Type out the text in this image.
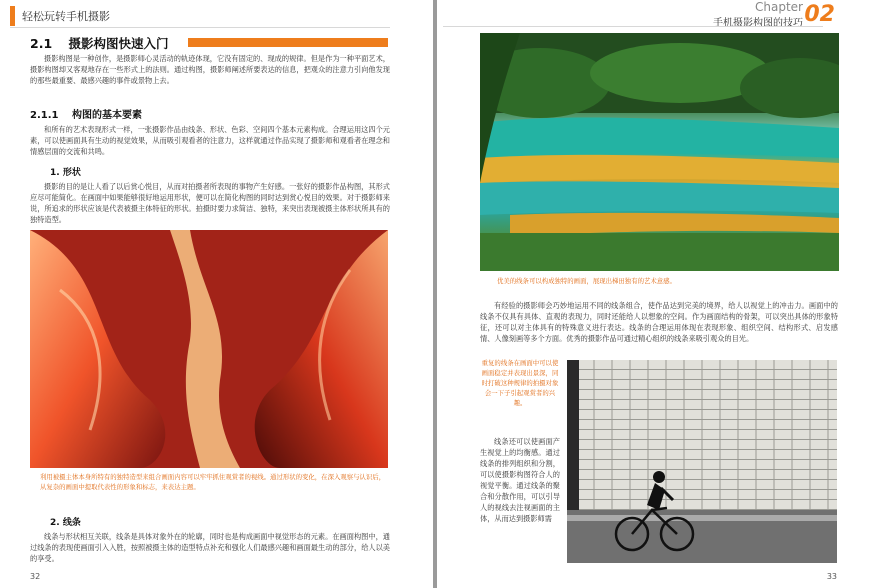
轻松玩转手机摄影
2.1 摄影构图快速入门

摄影构图是一种创作，是摄影师心灵活动的轨迹体现，它没有固定的、现成的规律。但是作为一种平面艺术，摄影构图却又客观地存在一些形式上的法则。通过构图，摄影师阐述所要表达的信息，把观众的注意力引向他发现的那些最重要、最感兴趣的事件或景物上去。

2.1.1 构图的基本要素

和所有的艺术表现形式一样，一张摄影作品由线条、形状、色彩、空间四个基本元素构成。合理运用这四个元素，可以使画面具有生动的视觉效果，从而吸引观看者的注意力，这样就通过作品实现了摄影师和观看者在理念和情感层面的交流和共鸣。

1. 形状

摄影的目的是让人看了以后赏心悦目，从而对拍摄者所表现的事物产生好感。一张好的摄影作品构图，其形式应尽可能简化。在画面中如果能够很好地运用形状，便可以在简化构图的同时达到赏心悦目的效果。对于摄影师来说，所追求的形状应该是代表被摄主体特征的形状。拍摄时要力求简洁、独特，来突出表现被摄主体形状所具有的独特造型。

利用被摄主体本身所特有的独特造型来组合画面内容可以牢牢抓住观赏者的视线。通过形状的变化，在深入观察与认识后，从复杂的画面中提取代表性的形象和标志，来表达主题。

2. 线条

线条与形状相互关联，线条是具体对象外在的轮廓，同时也是构成画面中视觉形态的元素。在画面构图中，通过线条的表现使画面引入入胜，按照被摄主体的造型特点补充和强化人们最感兴趣和画面最生动的部分，给人以美的享受。

32
Chapter
手机摄影构图的技巧 02

优美的线条可以构成独特的画面，展现出梯田独有的艺术意感。

有经验的摄影师会巧妙地运用不同的线条组合，使作品达到完美的境界，给人以视觉上的冲击力。画面中的线条不仅具有具体、直观的表现力，同时还能给人以想象的空间。作为画面结构的骨架，可以突出具体的形象特征，还可以对主体具有的特殊意义进行表达。线条的合理运用体现在表现形象、组织空间、结构形式、启发感情、人像刻画等多个方面。优秀的摄影作品可通过精心组织的线条来吸引观众的目光。

重复的线条在画面中可以使画面稳定并表现出景深，同时打破这种规律的拍摄对象会一下子引起观赏者的兴趣。

线条还可以使画面产生视觉上的均衡感。通过线条的排列组织和分割，可以使摄影构图符合人的视觉平衡。通过线条的聚合和分散作用，可以引导人的视线去注视画面的主体，从而达到摄影师需

33
